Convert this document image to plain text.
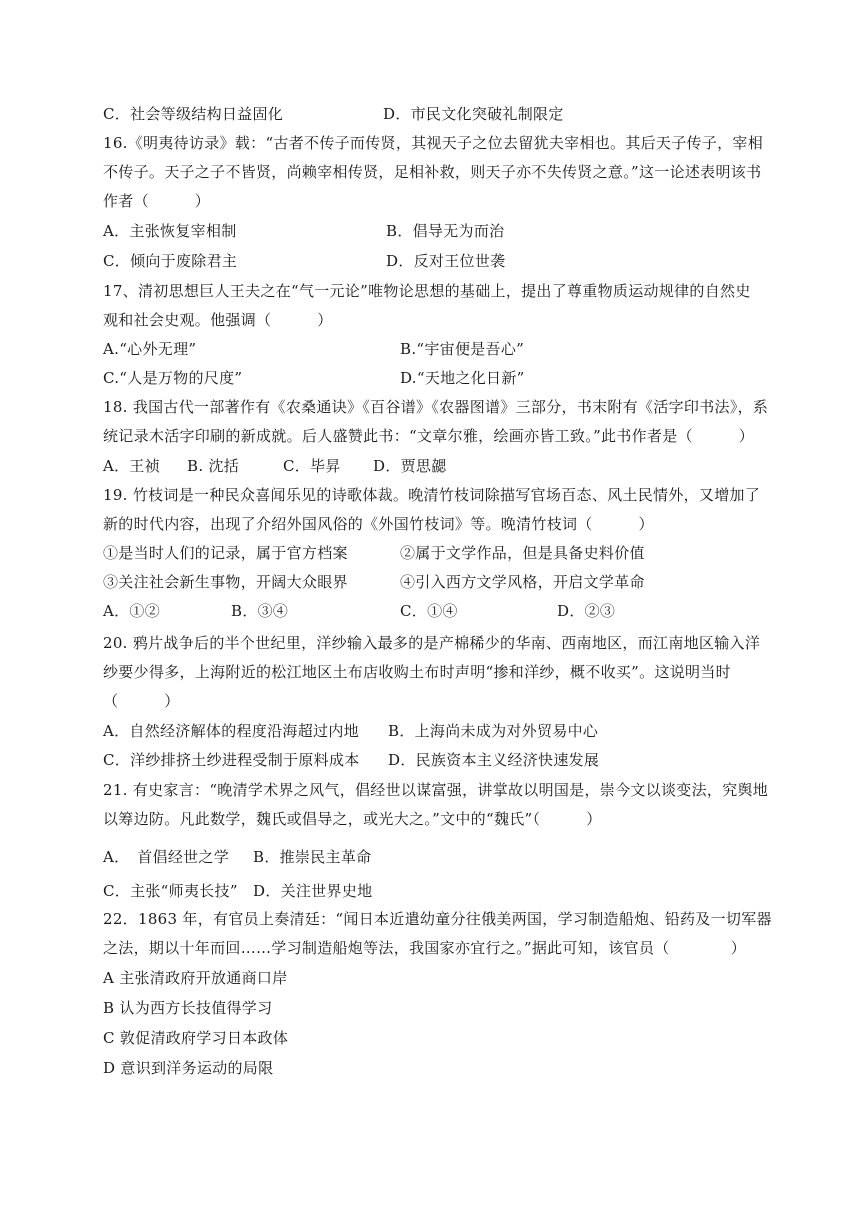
C．社会等级结构日益固化	D．市民文化突破礼制限定
16.《明夷待访录》载：“古者不传子而传贤，其视天子之位去留犹夫宰相也。其后天子传子，宰相
不传子。天子之子不皆贤，尚赖宰相传贤，足相补救，则天子亦不失传贤之意。”这一论述表明该书
作者（　　　）
A．主张恢复宰相制	B．倡导无为而治
C．倾向于废除君主	D．反对王位世袭
17、清初思想巨人王夫之在“气一元论”唯物论思想的基础上，提出了尊重物质运动规律的自然史
观和社会史观。他强调（　　　）
A.“心外无理”	B.“宇宙便是吾心”
C.“人是万物的尺度”	D.“天地之化日新”
18. 我国古代一部著作有《农桑通诀》《百谷谱》《农器图谱》三部分，书末附有《活字印书法》，系
统记录木活字印刷的新成就。后人盛赞此书：“文章尔雅，绘画亦皆工致。”此书作者是（　　　）
A．王祯 B. 沈括	C．毕昇 D．贾思勰
19. 竹枝词是一种民众喜闻乐见的诗歌体裁。晚清竹枝词除描写官场百态、风土民情外，又增加了
新的时代内容，出现了介绍外国风俗的《外国竹枝词》等。晚清竹枝词（　　　）
①是当时人们的记录，属于官方档案	②属于文学作品，但是具备史料价值
③关注社会新生事物，开阔大众眼界	④引入西方文学风格，开启文学革命
A．①②	B．③④	C．①④	D．②③
20. 鸦片战争后的半个世纪里，洋纱输入最多的是产棉稀少的华南、西南地区，而江南地区输入洋
纱要少得多，上海附近的松江地区土布店收购土布时声明“掺和洋纱，概不收买”。这说明当时
（　　　）
A．自然经济解体的程度沿海超过内地 B．上海尚未成为对外贸易中心
C．洋纱排挤土纱进程受制于原料成本 D．民族资本主义经济快速发展
21. 有史家言：“晚清学术界之风气，倡经世以谋富强，讲掌故以明国是，崇今文以谈变法，究舆地
以筹边防。凡此数学，魏氏或倡导之，或光大之。”文中的“魏氏”（　　　）
A．　首倡经世之学 B．推崇民主革命
C．主张“师夷长技” D．关注世界史地
22．1863 年，有官员上奏清廷：“闻日本近遣幼童分往俄美两国，学习制造船炮、铅药及一切军器
之法，期以十年而回……学习制造船炮等法，我国家亦宜行之。”据此可知，该官员（　　　　）
A 主张清政府开放通商口岸
B 认为西方长技值得学习
C 敦促清政府学习日本政体
D 意识到洋务运动的局限
